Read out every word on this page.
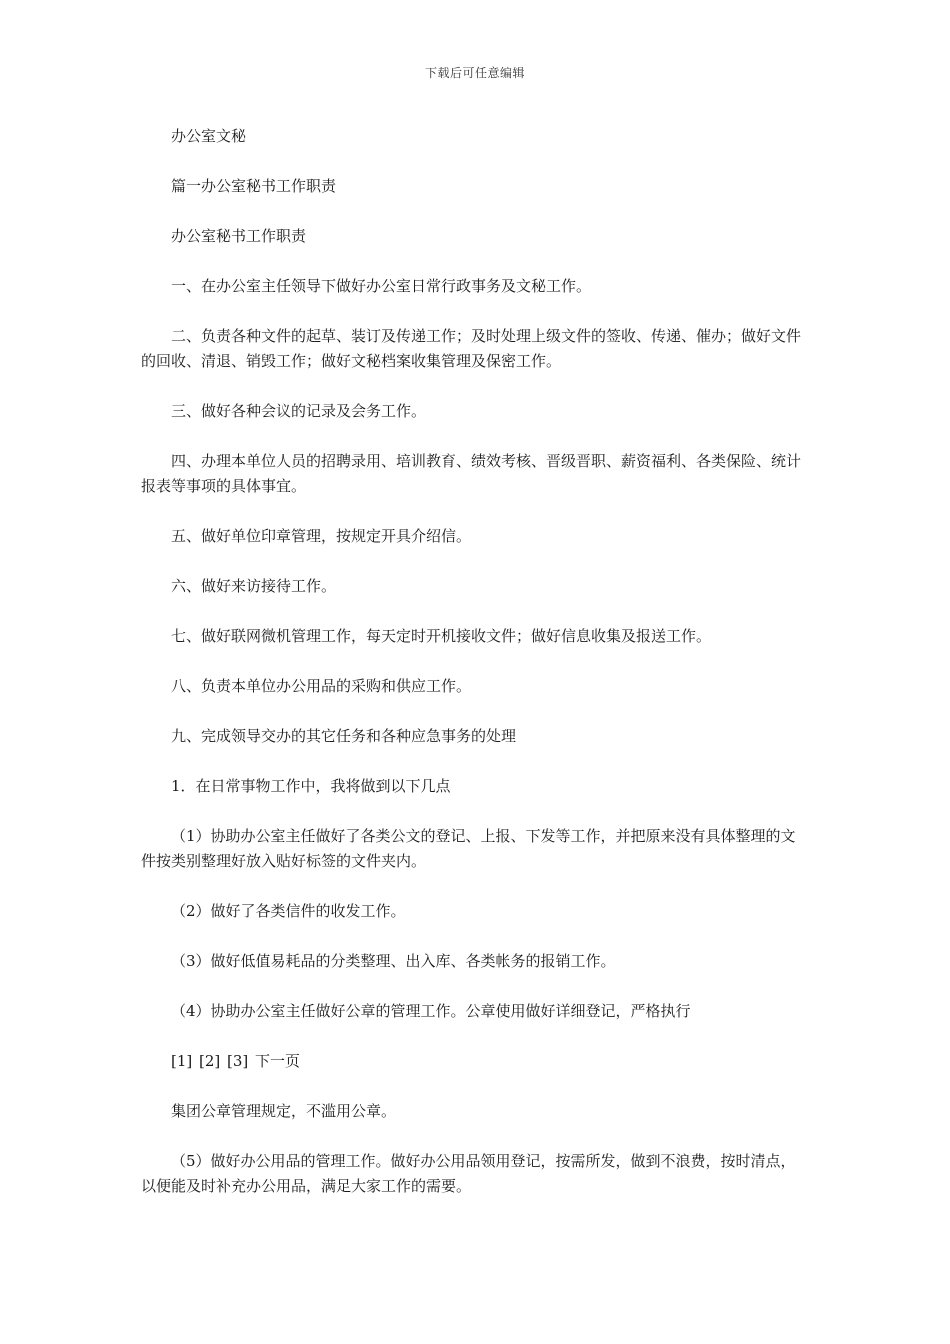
下载后可任意编辑

办公室文秘

篇一办公室秘书工作职责

办公室秘书工作职责

一、在办公室主任领导下做好办公室日常行政事务及文秘工作。

二、负责各种文件的起草、装订及传递工作；及时处理上级文件的签收、传递、催办；做好文件的回收、清退、销毁工作；做好文秘档案收集管理及保密工作。

三、做好各种会议的记录及会务工作。

四、办理本单位人员的招聘录用、培训教育、绩效考核、晋级晋职、薪资福利、各类保险、统计报表等事项的具体事宜。

五、做好单位印章管理，按规定开具介绍信。

六、做好来访接待工作。

七、做好联网微机管理工作，每天定时开机接收文件；做好信息收集及报送工作。

八、负责本单位办公用品的采购和供应工作。

九、完成领导交办的其它任务和各种应急事务的处理

1．在日常事物工作中，我将做到以下几点

（1）协助办公室主任做好了各类公文的登记、上报、下发等工作，并把原来没有具体整理的文件按类别整理好放入贴好标签的文件夹内。

（2）做好了各类信件的收发工作。

（3）做好低值易耗品的分类整理、出入库、各类帐务的报销工作。

（4）协助办公室主任做好公章的管理工作。公章使用做好详细登记，严格执行

[1] [2] [3] 下一页

集团公章管理规定，不滥用公章。

（5）做好办公用品的管理工作。做好办公用品领用登记，按需所发，做到不浪费，按时清点，以便能及时补充办公用品，满足大家工作的需要。
